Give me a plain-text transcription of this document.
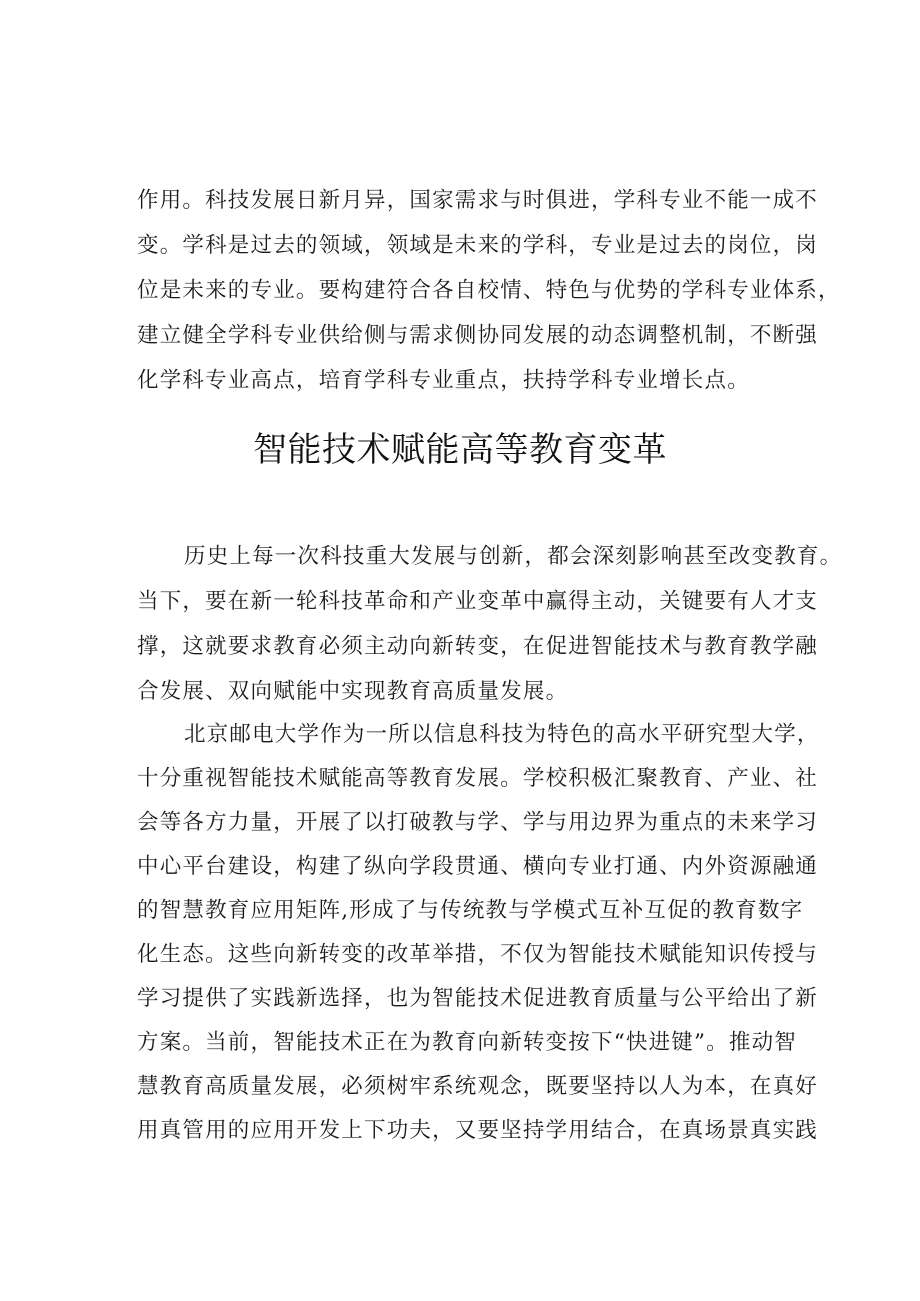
作用。科技发展日新月异，国家需求与时俱进，学科专业不能一成不
变。学科是过去的领域，领域是未来的学科，专业是过去的岗位，岗
位是未来的专业。要构建符合各自校情、特色与优势的学科专业体系，
建立健全学科专业供给侧与需求侧协同发展的动态调整机制，不断强
化学科专业高点，培育学科专业重点，扶持学科专业增长点。
智能技术赋能高等教育变革
历史上每一次科技重大发展与创新，都会深刻影响甚至改变教育。
当下，要在新一轮科技革命和产业变革中赢得主动，关键要有人才支
撑，这就要求教育必须主动向新转变，在促进智能技术与教育教学融
合发展、双向赋能中实现教育高质量发展。
北京邮电大学作为一所以信息科技为特色的高水平研究型大学，
十分重视智能技术赋能高等教育发展。学校积极汇聚教育、产业、社
会等各方力量，开展了以打破教与学、学与用边界为重点的未来学习
中心平台建设，构建了纵向学段贯通、横向专业打通、内外资源融通
的智慧教育应用矩阵,形成了与传统教与学模式互补互促的教育数字
化生态。这些向新转变的改革举措，不仅为智能技术赋能知识传授与
学习提供了实践新选择，也为智能技术促进教育质量与公平给出了新
方案。当前，智能技术正在为教育向新转变按下“快进键”。推动智
慧教育高质量发展，必须树牢系统观念，既要坚持以人为本，在真好
用真管用的应用开发上下功夫，又要坚持学用结合，在真场景真实践
